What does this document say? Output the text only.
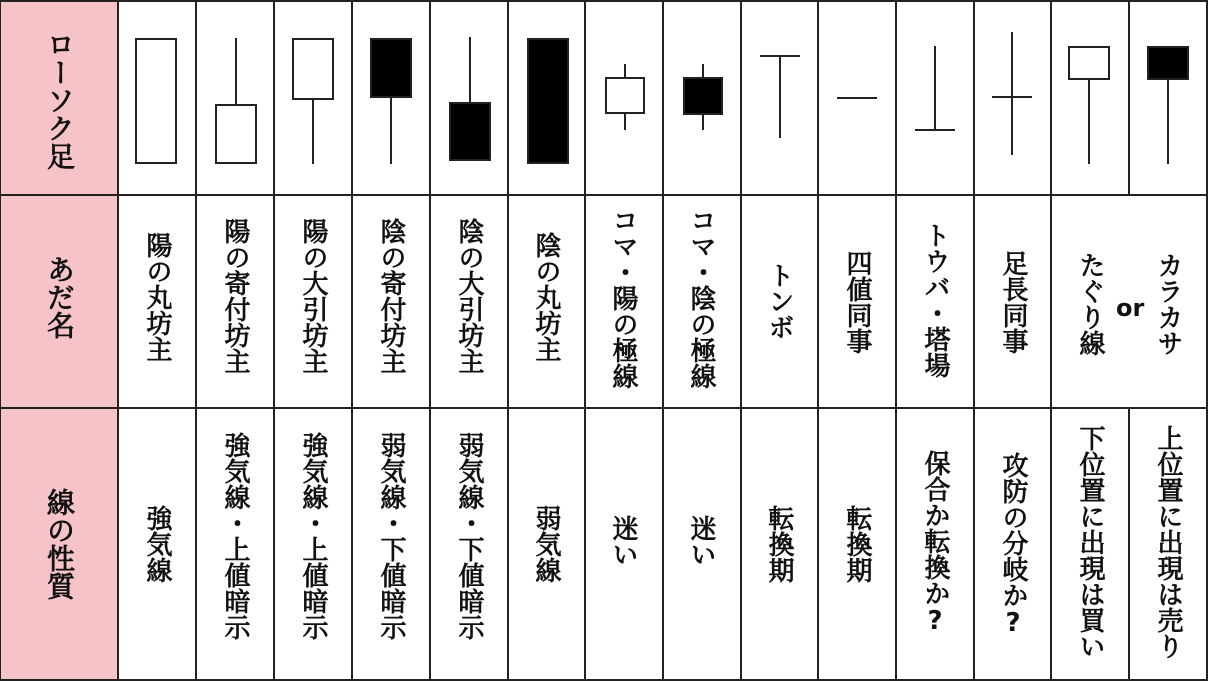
ローソク足
あだ名
線の性質
陽の丸坊主 陽の寄付坊主 陽の大引坊主 陰の寄付坊主 陰の大引坊主 陰の丸坊主 コマ・陽の極線 コマ・陰の極線 トンボ 四値同事 トウバ・塔場 足長同事 たぐり線 or カラカサ
強気線 強気線・上値暗示 強気線・上値暗示 弱気線・下値暗示 弱気線・下値暗示 弱気線 迷い 迷い 転換期 転換期 保合か転換か? 攻防の分岐か? 下位置に出現は買い 上位置に出現は売り
